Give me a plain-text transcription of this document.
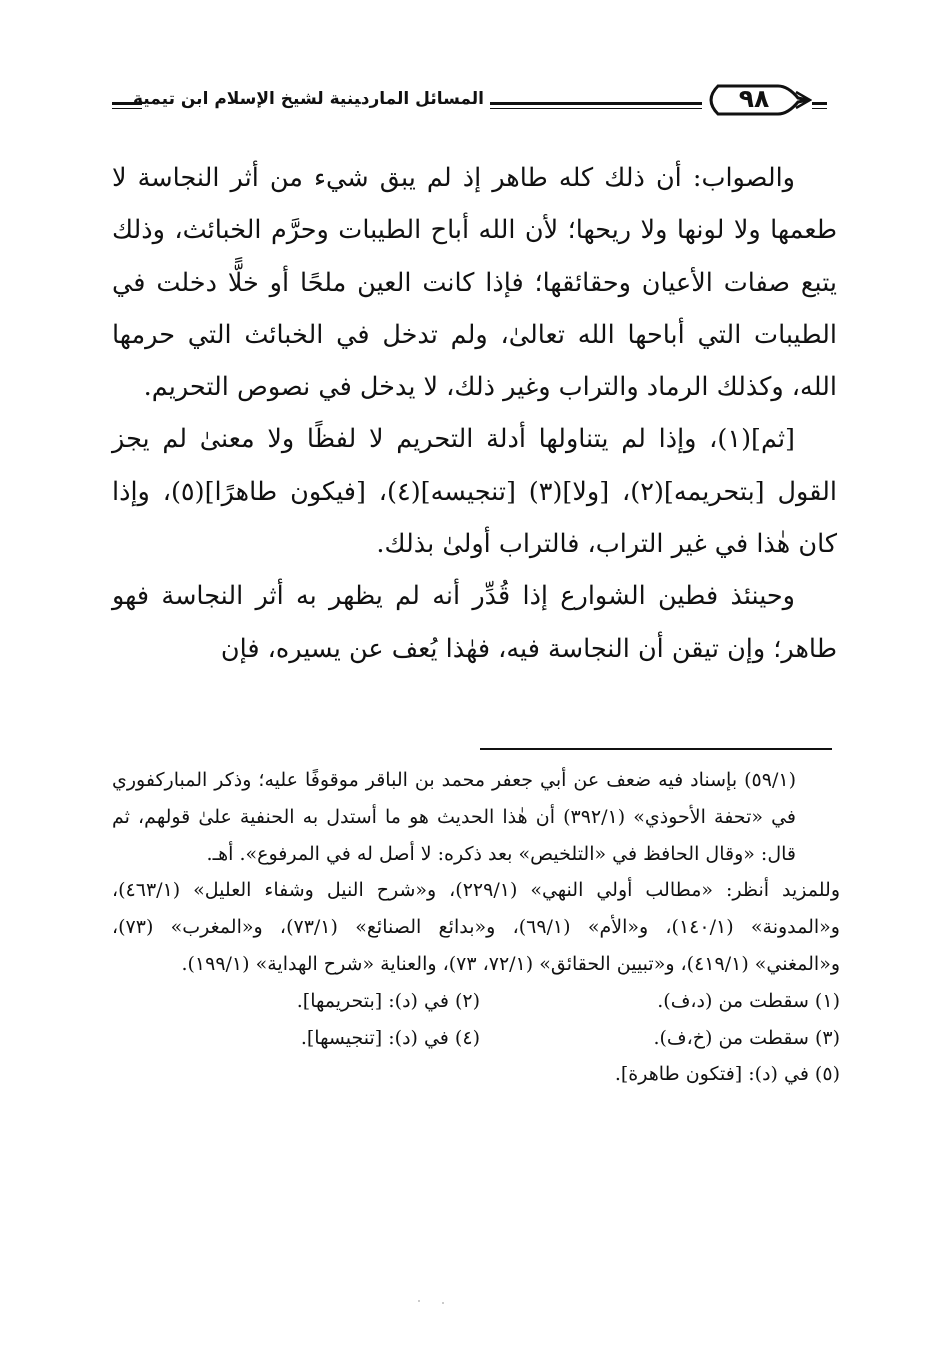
المسائل المارد‍ينية لشيخ الإسلام ابن تيمية	٩٨

والصواب: أن ذلك كله طاهر إذ لم يبق شيء من أثر النجاسة لا طعمها ولا لونها ولا ريحها؛ لأن الله أباح الطيبات وحرَّم الخبائث، وذلك يتبع صفات الأعيان وحقائقها؛ فإذا كانت العين ملحًا أو خلًّا دخلت في الطيبات التي أباحها الله تعالىٰ، ولم تدخل في الخبائث التي حرمها الله، وكذلك الرماد والتراب وغير ذلك، لا يدخل في نصوص التحريم.

[ثم](١)، وإذا لم يتناولها أدلة التحريم لا لفظًا ولا معنىٰ لم يجز القول [بتحريمه](٢)، [ولا](٣) [تنجيسه](٤)، [فيكون طاهرًا](٥)، وإذا كان هٰذا في غير التراب، فالتراب أولىٰ بذلك.

وحينئذ فطين الشوارع إذا قُدِّر أنه لم يظهر به أثر النجاسة فهو طاهر؛ وإن تيقن أن النجاسة فيه، فهٰذا يُعف عن يسيره، فإن

(٥٩/١) بإسناد فيه ضعف عن أبي جعفر محمد بن الباقر موقوفًا عليه؛ وذكر المباركفوري في «تحفة الأحوذي» (٣٩٢/١) أن هٰذا الحديث هو ما أستدل به الحنفية علىٰ قولهم، ثم قال: «وقال الحافظ في «التلخيص» بعد ذكره: لا أصل له في المرفوع». أهـ.

وللمزيد أنظر: «مطالب أولي النهي» (٢٢٩/١)، و«شرح النيل وشفاء العليل» (٤٦٣/١)، و«المدونة» (١٤٠/١)، و«الأم» (٦٩/١)، و«بدائع الصنائع» (٧٣/١)، و«المغرب» (٧٣)، و«المغني» (٤١٩/١)، و«تبيين الحقائق» (٧٢/١، ٧٣)، والعناية «شرح الهداية» (١٩٩/١).

(١) سقطت من (د،ف).
(٢) في (د): [بتحريمها].
(٣) سقطت من (خ،ف).
(٤) في (د): [تنجيسها].
(٥) في (د): [فتكون طاهرة].
